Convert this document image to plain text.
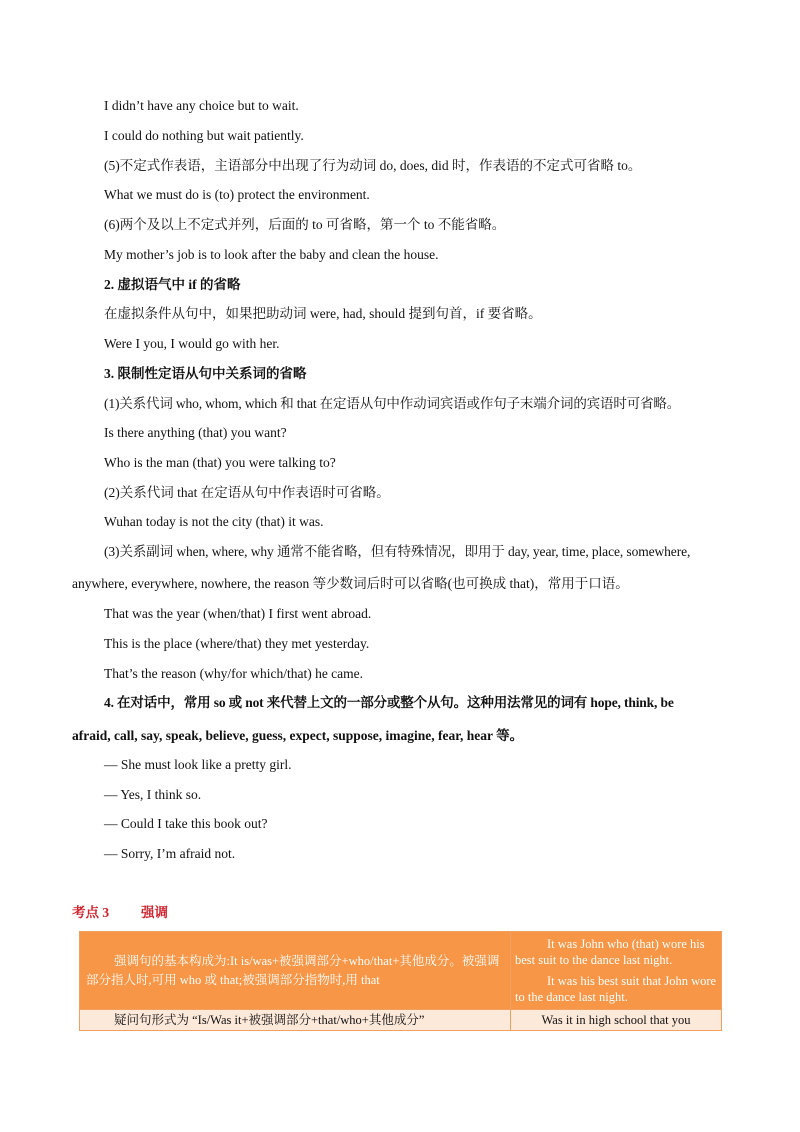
I didn’t have any choice but to wait.
I could do nothing but wait patiently.
(5)不定式作表语，主语部分中出现了行为动词 do, does, did 时，作表语的不定式可省略 to。
What we must do is (to) protect the environment.
(6)两个及以上不定式并列，后面的 to 可省略，第一个 to 不能省略。
My mother’s job is to look after the baby and clean the house.
2. 虚拟语气中 if 的省略
在虚拟条件从句中，如果把助动词 were, had, should 提到句首，if 要省略。
Were I you, I would go with her.
3. 限制性定语从句中关系词的省略
(1)关系代词 who, whom, which 和 that 在定语从句中作动词宾语或作句子末端介词的宾语时可省略。
Is there anything (that) you want?
Who is the man (that) you were talking to?
(2)关系代词 that 在定语从句中作表语时可省略。
Wuhan today is not the city (that) it was.
(3)关系副词 when, where, why 通常不能省略，但有特殊情况，即用于 day, year, time, place, somewhere,
anywhere, everywhere, nowhere, the reason 等少数词后时可以省略(也可换成 that)，常用于口语。
That was the year (when/that) I first went abroad.
This is the place (where/that) they met yesterday.
That’s the reason (why/for which/that) he came.
4. 在对话中，常用 so 或 not 来代替上文的一部分或整个从句。这种用法常见的词有 hope, think, be
afraid, call, say, speak, believe, guess, expect, suppose, imagine, fear, hear 等。
— She must look like a pretty girl.
— Yes, I think so.
— Could I take this book out?
— Sorry, I’m afraid not.
考点 3 强调
强调句的基本构成为:It is/was+被强调部分+who/that+其他成分。被强调部分指人时,可用 who 或 that;被强调部分指物时,用 that	It was John who (that) wore his best suit to the dance last night.
It was his best suit that John wore to the dance last night.

疑问句形式为 “Is/Was it+被强调部分+that/who+其他成分”	Was it in high school that you
